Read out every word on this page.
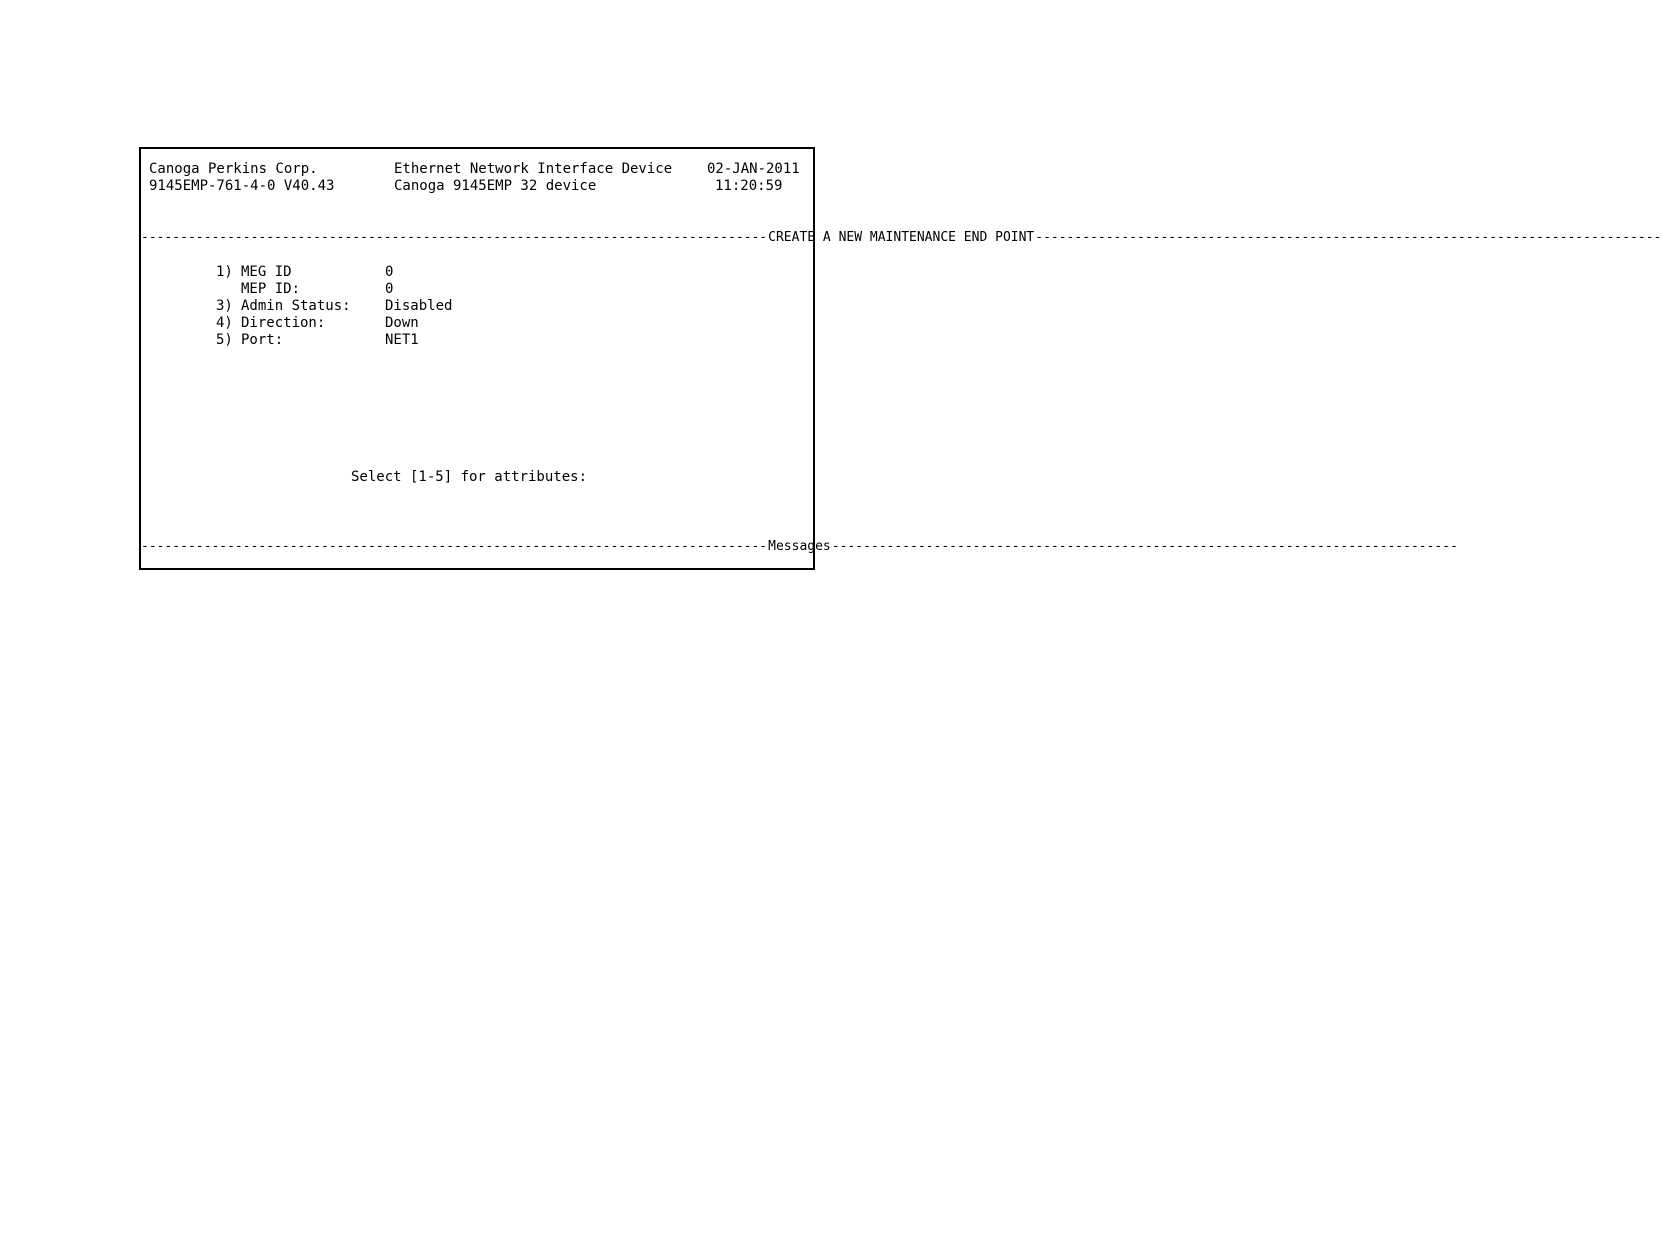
Canoga Perkins Corp.	Ethernet Network Interface Device 02-JAN-2011
9145EMP-761-4-0 V40.43	Canoga 9145EMP 32 device	11:20:59

-------------------------------------------------------------------------------- CREATE A NEW MAINTENANCE END POINT --------------------------------------------------------------------------------

1) MEG ID	0
MEP ID:	0
3) Admin Status: Disabled
4) Direction:	Down
5) Port:	NET1
Select [1-5] for attributes:

-------------------------------------------------------------------------------- Messages --------------------------------------------------------------------------------
